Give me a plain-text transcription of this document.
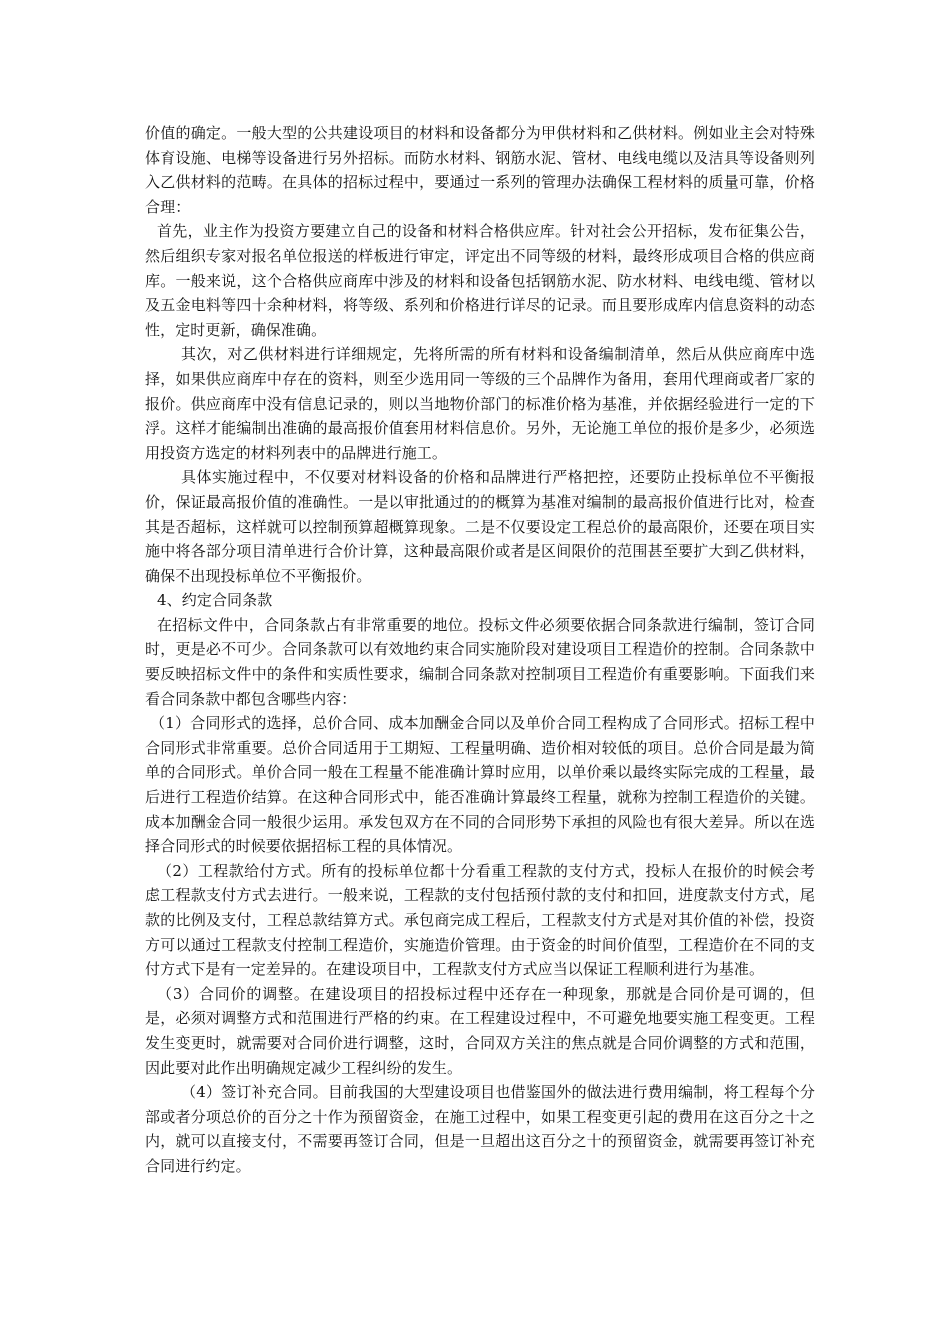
价值的确定。一般大型的公共建设项目的材料和设备都分为甲供材料和乙供材料。例如业主会对特殊体育设施、电梯等设备进行另外招标。而防水材料、钢筋水泥、管材、电线电缆以及洁具等设备则列入乙供材料的范畴。在具体的招标过程中，要通过一系列的管理办法确保工程材料的质量可靠，价格合理：

首先，业主作为投资方要建立自己的设备和材料合格供应库。针对社会公开招标，发布征集公告，然后组织专家对报名单位报送的样板进行审定，评定出不同等级的材料，最终形成项目合格的供应商库。一般来说，这个合格供应商库中涉及的材料和设备包括钢筋水泥、防水材料、电线电缆、管材以及五金电料等四十余种材料，将等级、系列和价格进行详尽的记录。而且要形成库内信息资料的动态性，定时更新，确保准确。

其次，对乙供材料进行详细规定，先将所需的所有材料和设备编制清单，然后从供应商库中选择，如果供应商库中存在的资料，则至少选用同一等级的三个品牌作为备用，套用代理商或者厂家的报价。供应商库中没有信息记录的，则以当地物价部门的标准价格为基准，并依据经验进行一定的下浮。这样才能编制出准确的最高报价值套用材料信息价。另外，无论施工单位的报价是多少，必须选用投资方选定的材料列表中的品牌进行施工。

具体实施过程中，不仅要对材料设备的价格和品牌进行严格把控，还要防止投标单位不平衡报价，保证最高报价值的准确性。一是以审批通过的的概算为基准对编制的最高报价值进行比对，检查其是否超标，这样就可以控制预算超概算现象。二是不仅要设定工程总价的最高限价，还要在项目实施中将各部分项目清单进行合价计算，这种最高限价或者是区间限价的范围甚至要扩大到乙供材料，确保不出现投标单位不平衡报价。

4、约定合同条款

在招标文件中，合同条款占有非常重要的地位。投标文件必须要依据合同条款进行编制，签订合同时，更是必不可少。合同条款可以有效地约束合同实施阶段对建设项目工程造价的控制。合同条款中要反映招标文件中的条件和实质性要求，编制合同条款对控制项目工程造价有重要影响。下面我们来看合同条款中都包含哪些内容：

（1）合同形式的选择，总价合同、成本加酬金合同以及单价合同工程构成了合同形式。招标工程中合同形式非常重要。总价合同适用于工期短、工程量明确、造价相对较低的项目。总价合同是最为简单的合同形式。单价合同一般在工程量不能准确计算时应用，以单价乘以最终实际完成的工程量，最后进行工程造价结算。在这种合同形式中，能否准确计算最终工程量，就称为控制工程造价的关键。成本加酬金合同一般很少运用。承发包双方在不同的合同形势下承担的风险也有很大差异。所以在选择合同形式的时候要依据招标工程的具体情况。

（2）工程款给付方式。所有的投标单位都十分看重工程款的支付方式，投标人在报价的时候会考虑工程款支付方式去进行。一般来说，工程款的支付包括预付款的支付和扣回，进度款支付方式，尾款的比例及支付，工程总款结算方式。承包商完成工程后，工程款支付方式是对其价值的补偿，投资方可以通过工程款支付控制工程造价，实施造价管理。由于资金的时间价值型，工程造价在不同的支付方式下是有一定差异的。在建设项目中，工程款支付方式应当以保证工程顺利进行为基准。

（3）合同价的调整。在建设项目的招投标过程中还存在一种现象，那就是合同价是可调的，但是，必须对调整方式和范围进行严格的约束。在工程建设过程中，不可避免地要实施工程变更。工程发生变更时，就需要对合同价进行调整，这时，合同双方关注的焦点就是合同价调整的方式和范围，因此要对此作出明确规定减少工程纠纷的发生。

（4）签订补充合同。目前我国的大型建设项目也借鉴国外的做法进行费用编制，将工程每个分部或者分项总价的百分之十作为预留资金，在施工过程中，如果工程变更引起的费用在这百分之十之内，就可以直接支付，不需要再签订合同，但是一旦超出这百分之十的预留资金，就需要再签订补充合同进行约定。
